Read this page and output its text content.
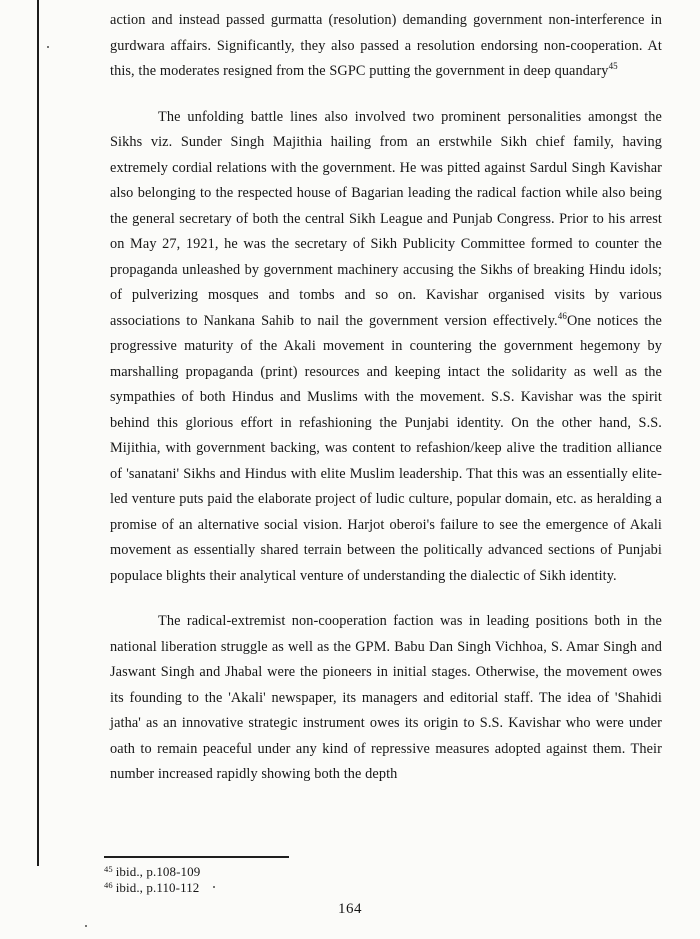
action and instead passed gurmatta (resolution) demanding government non-interference in gurdwara affairs. Significantly, they also passed a resolution endorsing non-cooperation. At this, the moderates resigned from the SGPC putting the government in deep quandary$^{45}$

The unfolding battle lines also involved two prominent personalities amongst the Sikhs viz. Sunder Singh Majithia hailing from an erstwhile Sikh chief family, having extremely cordial relations with the government. He was pitted against Sardul Singh Kavishar also belonging to the respected house of Bagarian leading the radical faction while also being the general secretary of both the central Sikh League and Punjab Congress. Prior to his arrest on May 27, 1921, he was the secretary of Sikh Publicity Committee formed to counter the propaganda unleashed by government machinery accusing the Sikhs of breaking Hindu idols; of pulverizing mosques and tombs and so on. Kavishar organised visits by various associations to Nankana Sahib to nail the government version effectively.$^{46}$One notices the progressive maturity of the Akali movement in countering the government hegemony by marshalling propaganda (print) resources and keeping intact the solidarity as well as the sympathies of both Hindus and Muslims with the movement. S.S. Kavishar was the spirit behind this glorious effort in refashioning the Punjabi identity. On the other hand, S.S. Mijithia, with government backing, was content to refashion/keep alive the tradition alliance of 'sanatani' Sikhs and Hindus with elite Muslim leadership. That this was an essentially elite-led venture puts paid the elaborate project of ludic culture, popular domain, etc. as heralding a promise of an alternative social vision. Harjot oberoi's failure to see the emergence of Akali movement as essentially shared terrain between the politically advanced sections of Punjabi populace blights their analytical venture of understanding the dialectic of Sikh identity.

The radical-extremist non-cooperation faction was in leading positions both in the national liberation struggle as well as the GPM. Babu Dan Singh Vichhoa, S. Amar Singh and Jaswant Singh and Jhabal were the pioneers in initial stages. Otherwise, the movement owes its founding to the 'Akali' newspaper, its managers and editorial staff. The idea of 'Shahidi jatha' as an innovative strategic instrument owes its origin to S.S. Kavishar who were under oath to remain peaceful under any kind of repressive measures adopted against them. Their number increased rapidly showing both the depth

$^{45}$ ibid., p.108-109
$^{46}$ ibid., p.110-112
164
